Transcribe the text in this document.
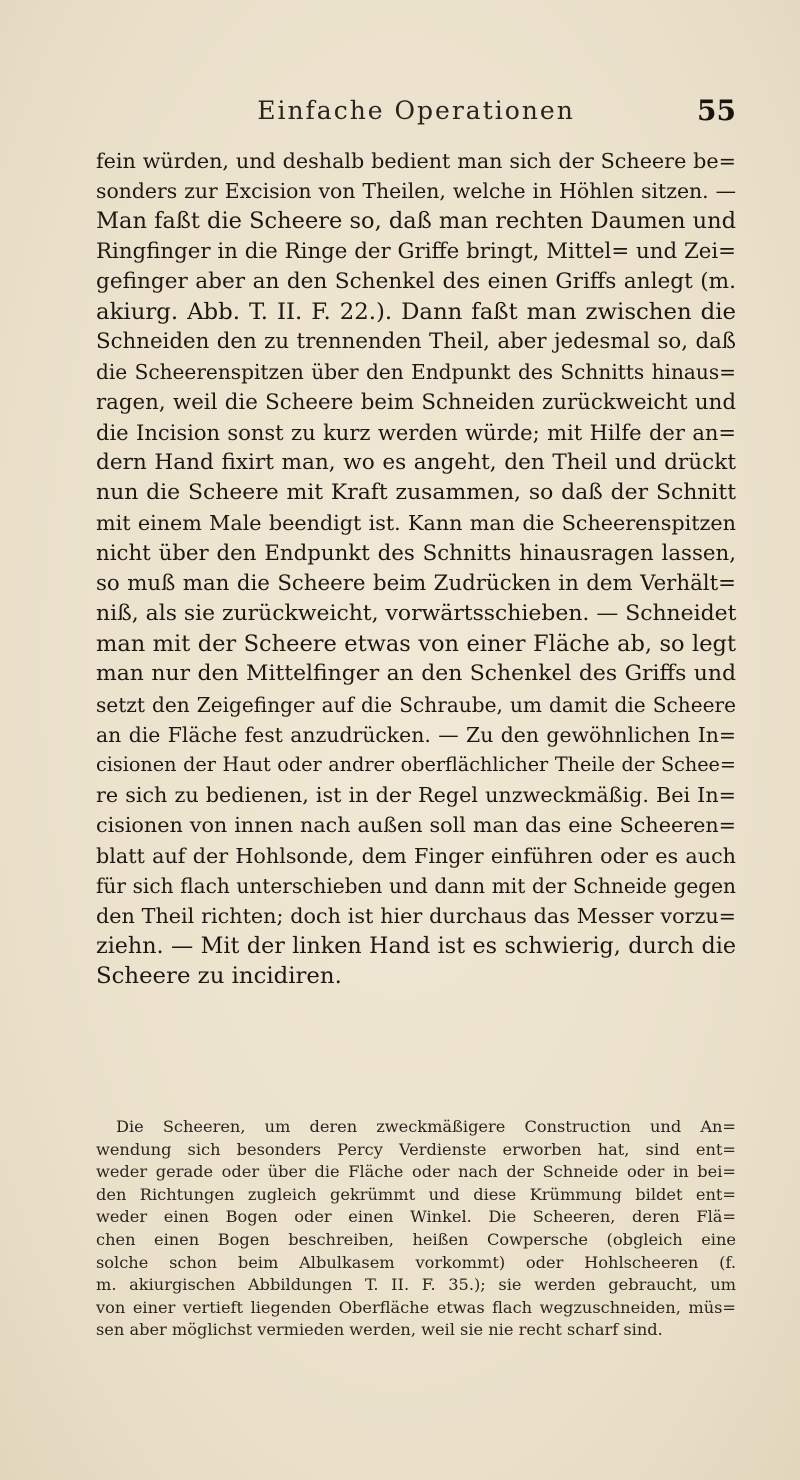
Einfache Operationen	55
fein würden, und deshalb bedient man sich der Scheere be=
sonders zur Excision von Theilen, welche in Höhlen sitzen. —
Man faßt die Scheere so, daß man rechten Daumen und
Ringfinger in die Ringe der Griffe bringt, Mittel= und Zei=
gefinger aber an den Schenkel des einen Griffs anlegt (m.
akiurg. Abb. T. II. F. 22.). Dann faßt man zwischen die
Schneiden den zu trennenden Theil, aber jedesmal so, daß
die Scheerenspitzen über den Endpunkt des Schnitts hinaus=
ragen, weil die Scheere beim Schneiden zurückweicht und
die Incision sonst zu kurz werden würde; mit Hilfe der an=
dern Hand fixirt man, wo es angeht, den Theil und drückt
nun die Scheere mit Kraft zusammen, so daß der Schnitt
mit einem Male beendigt ist. Kann man die Scheerenspitzen
nicht über den Endpunkt des Schnitts hinausragen lassen,
so muß man die Scheere beim Zudrücken in dem Verhält=
niß, als sie zurückweicht, vorwärtsschieben. — Schneidet
man mit der Scheere etwas von einer Fläche ab, so legt
man nur den Mittelfinger an den Schenkel des Griffs und
setzt den Zeigefinger auf die Schraube, um damit die Scheere
an die Fläche fest anzudrücken. — Zu den gewöhnlichen In=
cisionen der Haut oder andrer oberflächlicher Theile der Schee=
re sich zu bedienen, ist in der Regel unzweckmäßig. Bei In=
cisionen von innen nach außen soll man das eine Scheeren=
blatt auf der Hohlsonde, dem Finger einführen oder es auch
für sich flach unterschieben und dann mit der Schneide gegen
den Theil richten; doch ist hier durchaus das Messer vorzu=
ziehn. — Mit der linken Hand ist es schwierig, durch die
Scheere zu incidiren.
Die Scheeren, um deren zweckmäßigere Construction und An=
wendung sich besonders Percy Verdienste erworben hat, sind ent=
weder gerade oder über die Fläche oder nach der Schneide oder in bei=
den Richtungen zugleich gekrümmt und diese Krümmung bildet ent=
weder einen Bogen oder einen Winkel. Die Scheeren, deren Flä=
chen einen Bogen beschreiben, heißen Cowpersche (obgleich eine
solche schon beim Albulkasem vorkommt) oder Hohlscheeren (f.
m. akiurgischen Abbildungen T. II. F. 35.); sie werden gebraucht, um
von einer vertieft liegenden Oberfläche etwas flach wegzuschneiden, müs=
sen aber möglichst vermieden werden, weil sie nie recht scharf sind.
